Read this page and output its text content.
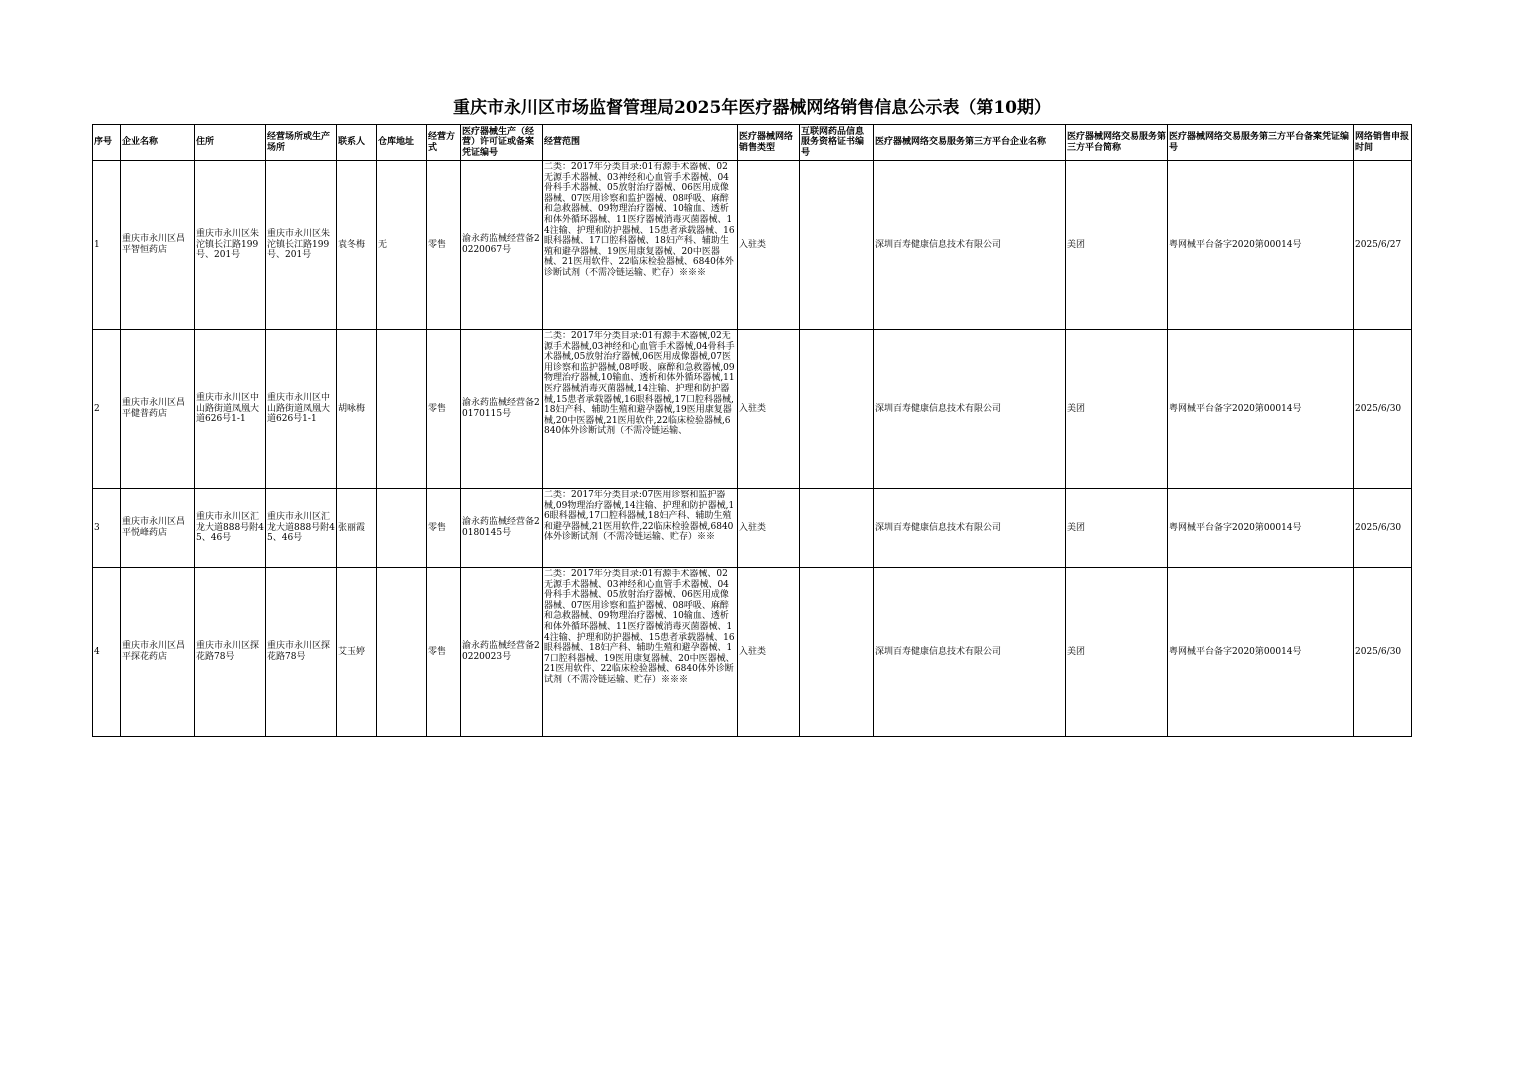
重庆市永川区市场监督管理局2025年医疗器械网络销售信息公示表（第10期）
序号	企业名称	住所	经营场所或生产场所	联系人	仓库地址	经营方式	医疗器械生产（经营）许可证或备案凭证编号	经营范围	医疗器械网络销售类型	互联网药品信息服务资格证书编号	医疗器械网络交易服务第三方平台企业名称	医疗器械网络交易服务第三方平台简称	医疗器械网络交易服务第三方平台备案凭证编号	网络销售申报时间
1	重庆市永川区昌平智恒药店	重庆市永川区朱沱镇长江路199号、201号	重庆市永川区朱沱镇长江路199号、201号	袁冬梅	无	零售	渝永药监械经营备20220067号	二类：2017年分类目录:01有源手术器械、02无源手术器械、03神经和心血管手术器械、04骨科手术器械、05放射治疗器械、06医用成像器械、07医用诊察和监护器械、08呼吸、麻醉和急救器械、09物理治疗器械、10输血、透析和体外循环器械、11医疗器械消毒灭菌器械、14注输、护理和防护器械、15患者承载器械、16眼科器械、17口腔科器械、18妇产科、辅助生殖和避孕器械、19医用康复器械、20中医器械、21医用软件、22临床检验器械、6840体外诊断试剂（不需冷链运输、贮存）※※※	入驻类		深圳百寿健康信息技术有限公司	美团	粤网械平台备字2020第00014号	2025/6/27
2	重庆市永川区昌平健普药店	重庆市永川区中山路街道凤凰大道626号1-1	重庆市永川区中山路街道凤凰大道626号1-1	胡咏梅		零售	渝永药监械经营备20170115号	二类：2017年分类目录:01有源手术器械,02无源手术器械,03神经和心血管手术器械,04骨科手术器械,05放射治疗器械,06医用成像器械,07医用诊察和监护器械,08呼吸、麻醉和急救器械,09物理治疗器械,10输血、透析和体外循环器械,11医疗器械消毒灭菌器械,14注输、护理和防护器械,15患者承载器械,16眼科器械,17口腔科器械,18妇产科、辅助生殖和避孕器械,19医用康复器械,20中医器械,21医用软件,22临床检验器械,6840体外诊断试剂（不需冷链运输、	入驻类		深圳百寿健康信息技术有限公司	美团	粤网械平台备字2020第00014号	2025/6/30
3	重庆市永川区昌平悦峰药店	重庆市永川区汇龙大道888号附45、46号	重庆市永川区汇龙大道888号附45、46号	张丽霞		零售	渝永药监械经营备20180145号	二类：2017年分类目录:07医用诊察和监护器械,09物理治疗器械,14注输、护理和防护器械,16眼科器械,17口腔科器械,18妇产科、辅助生殖和避孕器械,21医用软件,22临床检验器械,6840体外诊断试剂（不需冷链运输、贮存）※※	入驻类		深圳百寿健康信息技术有限公司	美团	粤网械平台备字2020第00014号	2025/6/30
4	重庆市永川区昌平探花药店	重庆市永川区探花路78号	重庆市永川区探花路78号	艾玉婷		零售	渝永药监械经营备20220023号	二类：2017年分类目录:01有源手术器械、02无源手术器械、03神经和心血管手术器械、04骨科手术器械、05放射治疗器械、06医用成像器械、07医用诊察和监护器械、08呼吸、麻醉和急救器械、09物理治疗器械、10输血、透析和体外循环器械、11医疗器械消毒灭菌器械、14注输、护理和防护器械、15患者承载器械、16眼科器械、18妇产科、辅助生殖和避孕器械、17口腔科器械、19医用康复器械、20中医器械、21医用软件、22临床检验器械、6840体外诊断试剂（不需冷链运输、贮存）※※※	入驻类		深圳百寿健康信息技术有限公司	美团	粤网械平台备字2020第00014号	2025/6/30
